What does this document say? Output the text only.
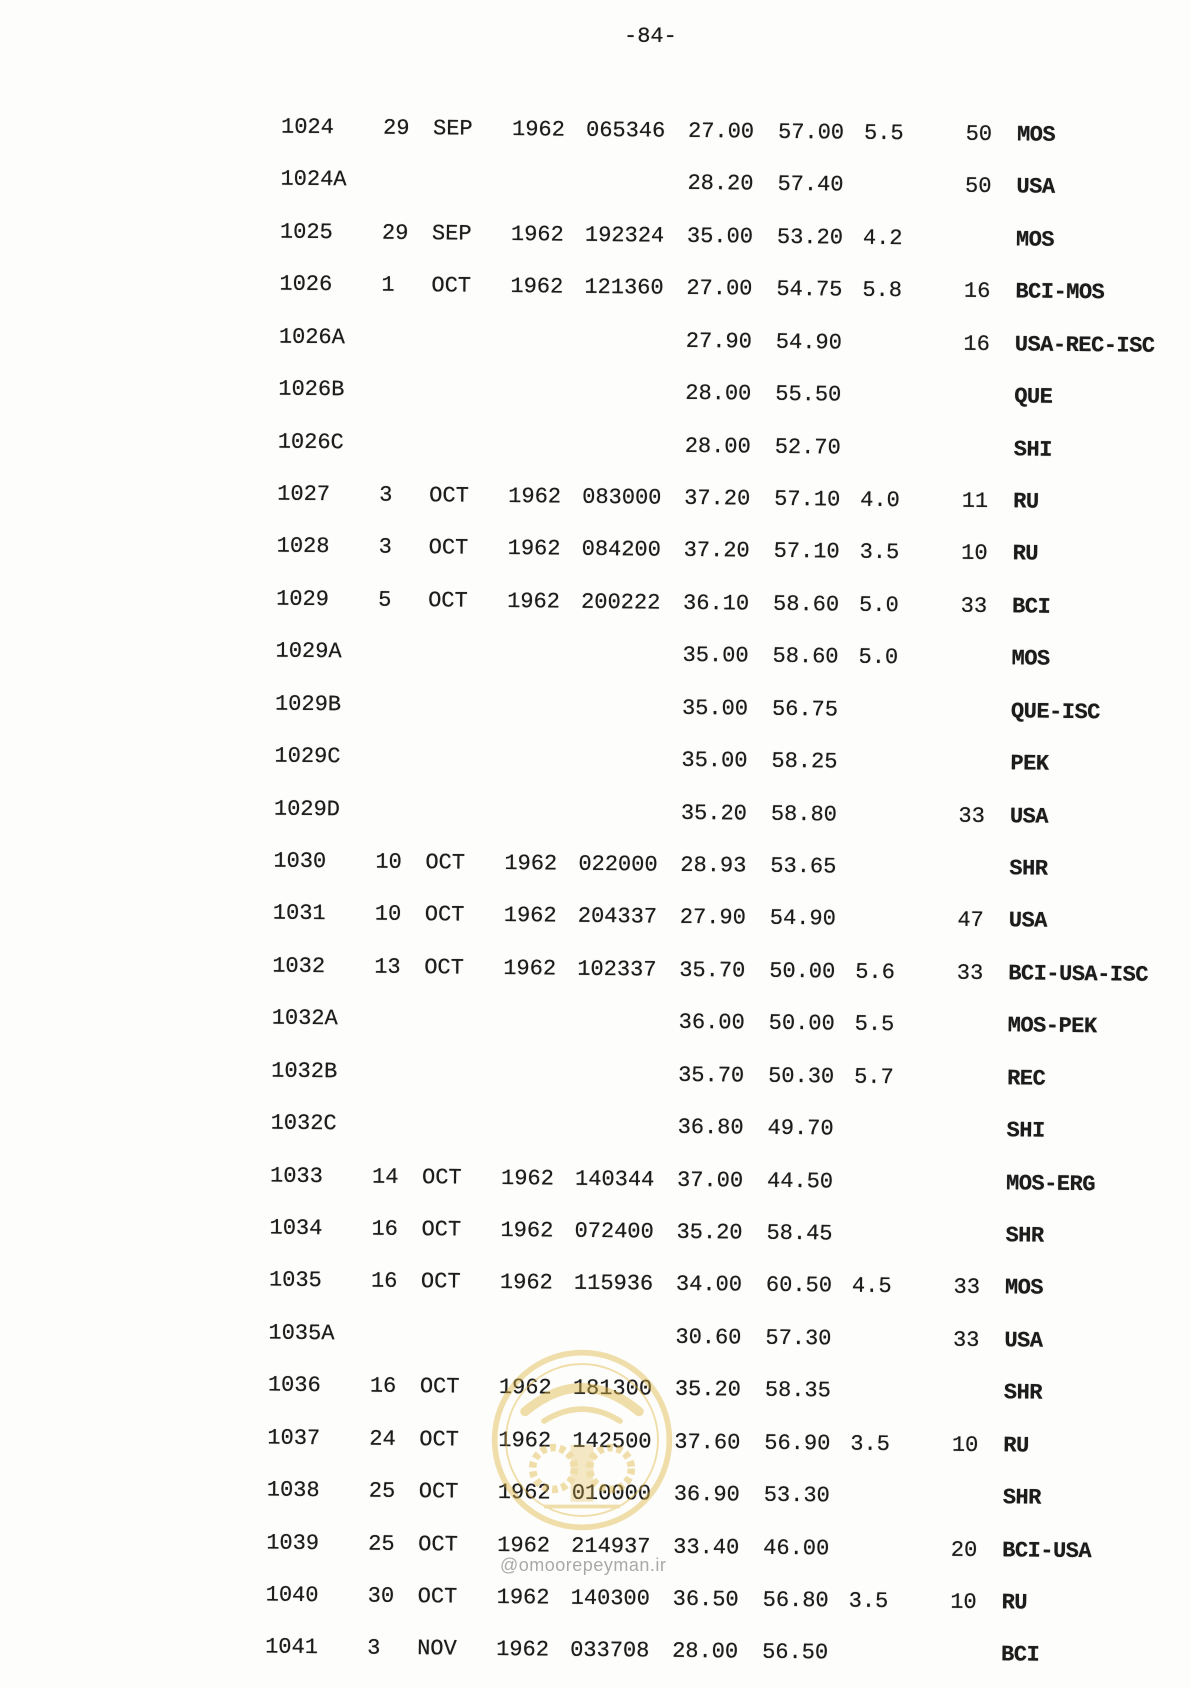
-84-
1024 29 SEP 1962 065346 27.00 57.00 5.5	50 MOS
1024A	28.20 57.40	50 USA
1025 29 SEP 1962 192324 35.00 53.20 4.2	MOS
1026 1 OCT 1962 121360 27.00 54.75 5.8	16 BCI-MOS
1026A	27.90 54.90	16 USA-REC-ISC
1026B	28.00 55.50	QUE
1026C	28.00 52.70	SHI
1027 3 OCT 1962 083000 37.20 57.10 4.0	11 RU
1028 3 OCT 1962 084200 37.20 57.10 3.5	10 RU
1029 5 OCT 1962 200222 36.10 58.60 5.0	33 BCI
1029A	35.00 58.60 5.0	MOS
1029B	35.00 56.75	QUE-ISC
1029C	35.00 58.25	PEK
1029D	35.20 58.80	33 USA
1030 10 OCT 1962 022000 28.93 53.65	SHR
1031 10 OCT 1962 204337 27.90 54.90	47 USA
1032 13 OCT 1962 102337 35.70 50.00 5.6	33 BCI-USA-ISC
1032A	36.00 50.00 5.5	MOS-PEK
1032B	35.70 50.30 5.7	REC
1032C	36.80 49.70	SHI
1033 14 OCT 1962 140344 37.00 44.50	MOS-ERG
1034 16 OCT 1962 072400 35.20 58.45	SHR
1035 16 OCT 1962 115936 34.00 60.50 4.5	33 MOS
1035A	30.60 57.30	33 USA
1036 16 OCT 1962 181300 35.20 58.35	SHR
1037 24 OCT 1962 142500 37.60 56.90 3.5	10 RU
1038 25 OCT 1962 010000 36.90 53.30	SHR
1039 25 OCT 1962 214937 33.40 46.00	20 BCI-USA
1040 30 OCT 1962 140300 36.50 56.80 3.5	10 RU
1041 3 NOV 1962 033708 28.00 56.50	BCI
@omoorepeyman.ir
